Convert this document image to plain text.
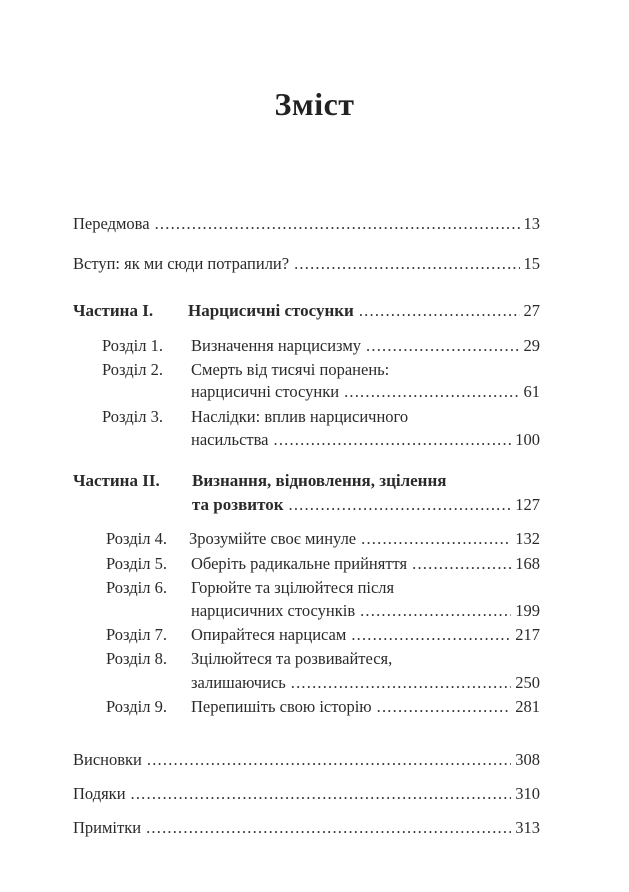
Зміст
Передмова .....	13
Вступ: як ми сюди потрапили? .....	15
Частина І. Нарцисичні стосунки .....	27
Розділ 1. Визначення нарцисизму .....	29
Розділ 2. Смерть від тисячі поранень:
нарцисичні стосунки .....	61
Розділ 3. Наслідки: вплив нарцисичного
насильства .....	100
Частина ІІ. Визнання, відновлення, зцілення
та розвиток .....	127
Розділ 4. Зрозумійте своє минуле .....	132
Розділ 5. Оберіть радикальне прийняття .....	168
Розділ 6. Горюйте та зцілюйтеся після
нарцисичних стосунків .....	199
Розділ 7. Опирайтеся нарцисам .....	217
Розділ 8. Зцілюйтеся та розвивайтеся,
залишаючись .....	250
Розділ 9. Перепишіть свою історію .....	281
Висновки .....	308
Подяки .....	310
Примітки .....	313
